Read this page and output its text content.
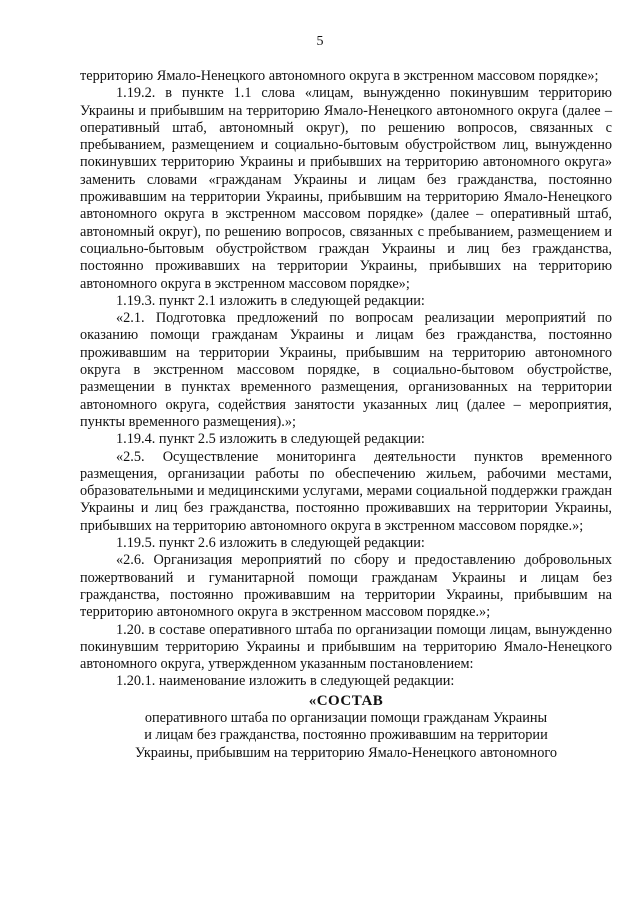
5

территорию Ямало-Ненецкого автономного округа в экстренном массовом порядке»;

1.19.2. в пункте 1.1 слова «лицам, вынужденно покинувшим территорию Украины и прибывшим на территорию Ямало-Ненецкого автономного округа (далее – оперативный штаб, автономный округ), по решению вопросов, связанных с пребыванием, размещением и социально-бытовым обустройством лиц, вынужденно покинувших территорию Украины и прибывших на территорию автономного округа» заменить словами «гражданам Украины и лицам без гражданства, постоянно проживавшим на территории Украины, прибывшим на территорию Ямало-Ненецкого автономного округа в экстренном массовом порядке» (далее – оперативный штаб, автономный округ), по решению вопросов, связанных с пребыванием, размещением и социально-бытовым обустройством граждан Украины и лиц без гражданства, постоянно проживавших на территории Украины, прибывших на территорию автономного округа в экстренном массовом порядке»;

1.19.3. пункт 2.1 изложить в следующей редакции:

«2.1. Подготовка предложений по вопросам реализации мероприятий по оказанию помощи гражданам Украины и лицам без гражданства, постоянно проживавшим на территории Украины, прибывшим на территорию автономного округа в экстренном массовом порядке, в социально-бытовом обустройстве, размещении в пунктах временного размещения, организованных на территории автономного округа, содействия занятости указанных лиц (далее – мероприятия, пункты временного размещения).»;

1.19.4. пункт 2.5 изложить в следующей редакции:

«2.5. Осуществление мониторинга деятельности пунктов временного размещения, организации работы по обеспечению жильем, рабочими местами, образовательными и медицинскими услугами, мерами социальной поддержки граждан Украины и лиц без гражданства, постоянно проживавших на территории Украины, прибывших на территорию автономного округа в экстренном массовом порядке.»;

1.19.5. пункт 2.6 изложить в следующей редакции:

«2.6. Организация мероприятий по сбору и предоставлению добровольных пожертвований и гуманитарной помощи гражданам Украины и лицам без гражданства, постоянно проживавшим на территории Украины, прибывшим на территорию автономного округа в экстренном массовом порядке.»;

1.20. в составе оперативного штаба по организации помощи лицам, вынужденно покинувшим территорию Украины и прибывшим на территорию Ямало-Ненецкого автономного округа, утвержденном указанным постановлением:

1.20.1. наименование изложить в следующей редакции:

«СОСТАВ
оперативного штаба по организации помощи гражданам Украины
и лицам без гражданства, постоянно проживавшим на территории
Украины, прибывшим на территорию Ямало-Ненецкого автономного
